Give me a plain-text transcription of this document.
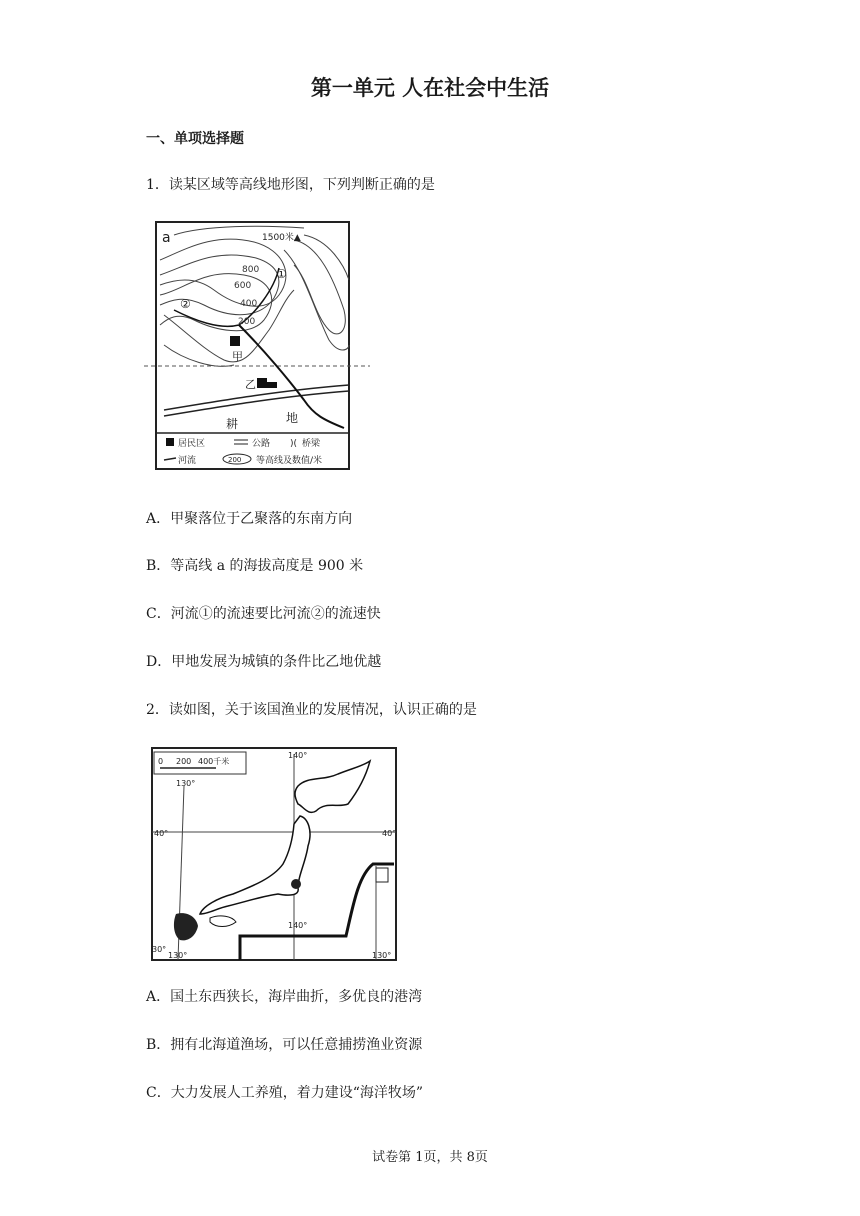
第一单元 人在社会中生活
一、单项选择题
1．读某区域等高线地形图，下列判断正确的是
a	1500米▲
800
600
400
200
①
②
甲
乙
耕	地
居民区	公路 )( 桥梁
河流	200 等高线及数值/米
A．甲聚落位于乙聚落的东南方向
B．等高线 a 的海拔高度是 900 米
C．河流①的流速要比河流②的流速快
D．甲地发展为城镇的条件比乙地优越
2．读如图，关于该国渔业的发展情况，认识正确的是
0 200 400千米
140°
130°
40°	40°
140°
130°
30°
130°
A．国土东西狭长，海岸曲折，多优良的港湾
B．拥有北海道渔场，可以任意捕捞渔业资源
C．大力发展人工养殖，着力建设“海洋牧场”
试卷第 1页，共 8页
